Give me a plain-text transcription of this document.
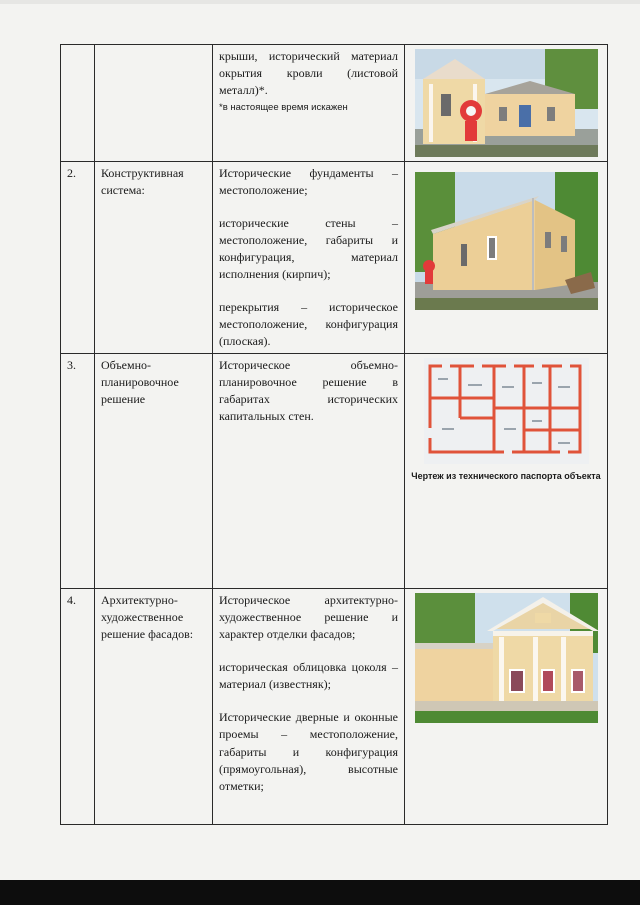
		крыши, исторический материал окрытия кровли (листовой металл)*.
*в настоящее время искажен

2.	Конструктивная система:	Исторические фундаменты – местоположение;
исторические стены – местоположение, габариты и конфигурация, материал исполнения (кирпич);
перекрытия – историческое местоположение, конфигурация (плоская).

3.	Объемно-планировочное решение	Историческое объемно-планировочное решение в габаритах исторических капитальных стен.	Чертеж из технического паспорта объекта

4.	Архитектурно-художественное решение фасадов:	Историческое архитектурно-художественное решение и характер отделки фасадов;
историческая облицовка цоколя – материал (известняк);
Исторические дверные и оконные проемы – местоположение, габариты и конфигурация (прямоугольная), высотные отметки;
